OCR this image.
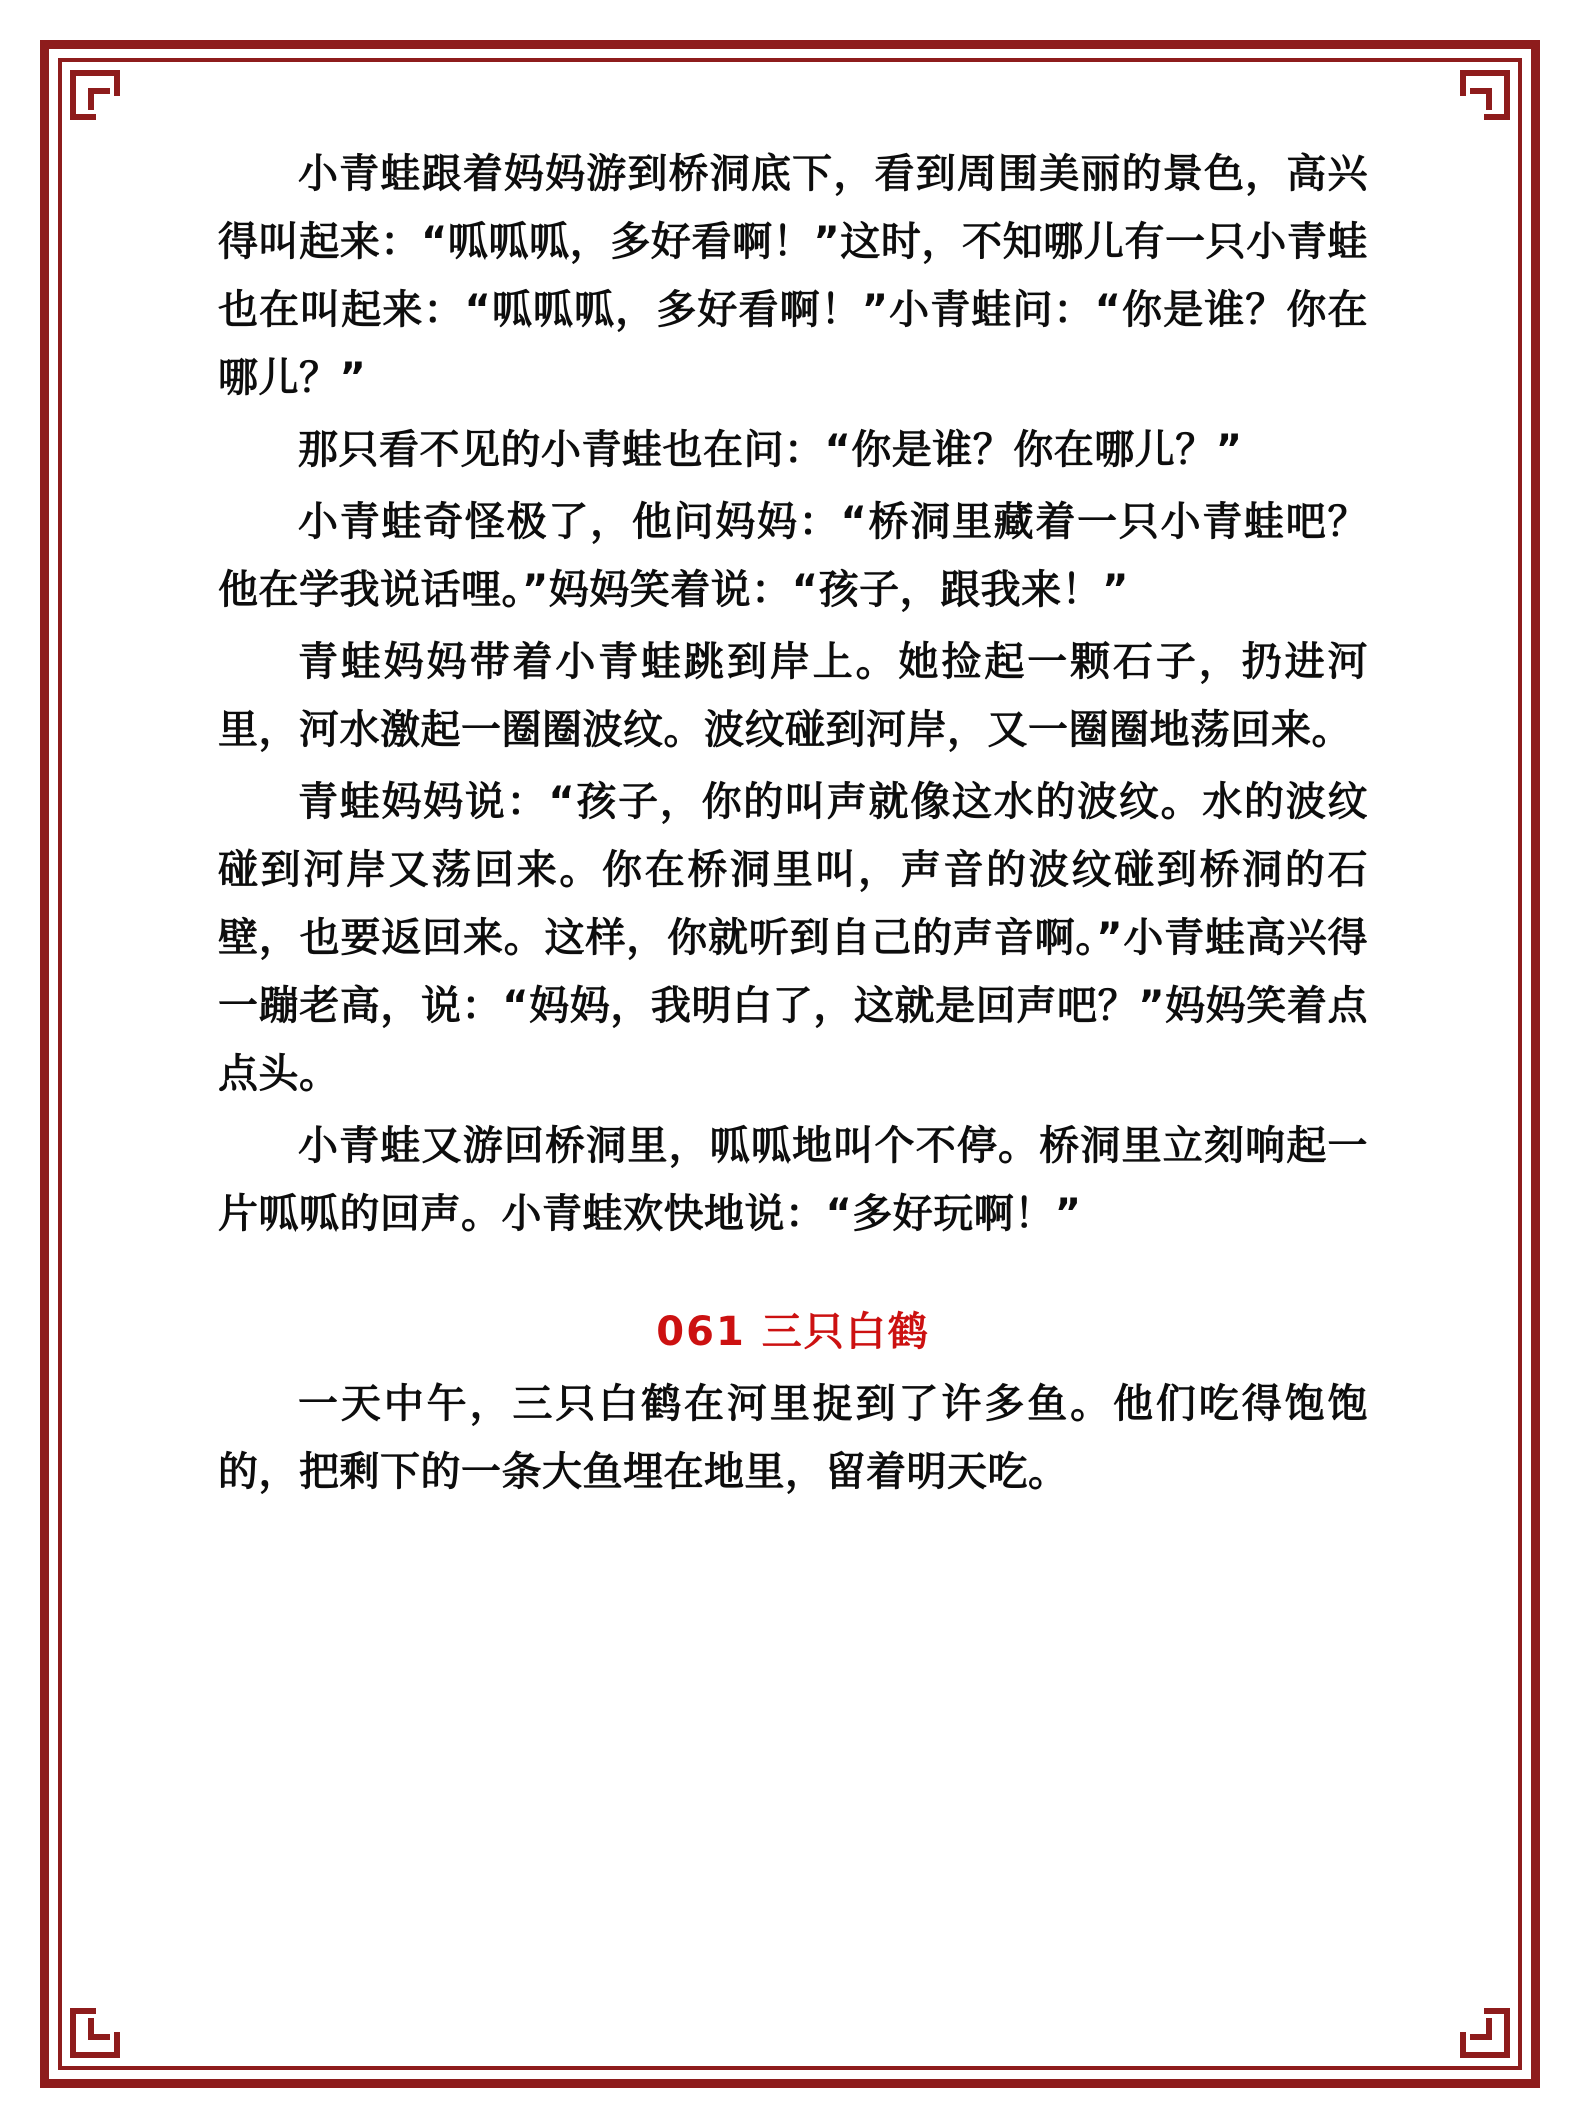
小青蛙跟着妈妈游到桥洞底下，看到周围美丽的景色，高兴得叫起来：“呱呱呱，多好看啊！”这时，不知哪儿有一只小青蛙也在叫起来：“呱呱呱，多好看啊！”小青蛙问：“你是谁？你在哪儿？”

那只看不见的小青蛙也在问：“你是谁？你在哪儿？”

小青蛙奇怪极了，他问妈妈：“桥洞里藏着一只小青蛙吧？他在学我说话哩。”妈妈笑着说：“孩子，跟我来！”

青蛙妈妈带着小青蛙跳到岸上。她捡起一颗石子，扔进河里，河水激起一圈圈波纹。波纹碰到河岸，又一圈圈地荡回来。

青蛙妈妈说：“孩子，你的叫声就像这水的波纹。水的波纹碰到河岸又荡回来。你在桥洞里叫，声音的波纹碰到桥洞的石壁，也要返回来。这样，你就听到自己的声音啊。”小青蛙高兴得一蹦老高，说：“妈妈，我明白了，这就是回声吧？”妈妈笑着点点头。

小青蛙又游回桥洞里，呱呱地叫个不停。桥洞里立刻响起一片呱呱的回声。小青蛙欢快地说：“多好玩啊！”

061 三只白鹤

一天中午，三只白鹤在河里捉到了许多鱼。他们吃得饱饱的，把剩下的一条大鱼埋在地里，留着明天吃。
